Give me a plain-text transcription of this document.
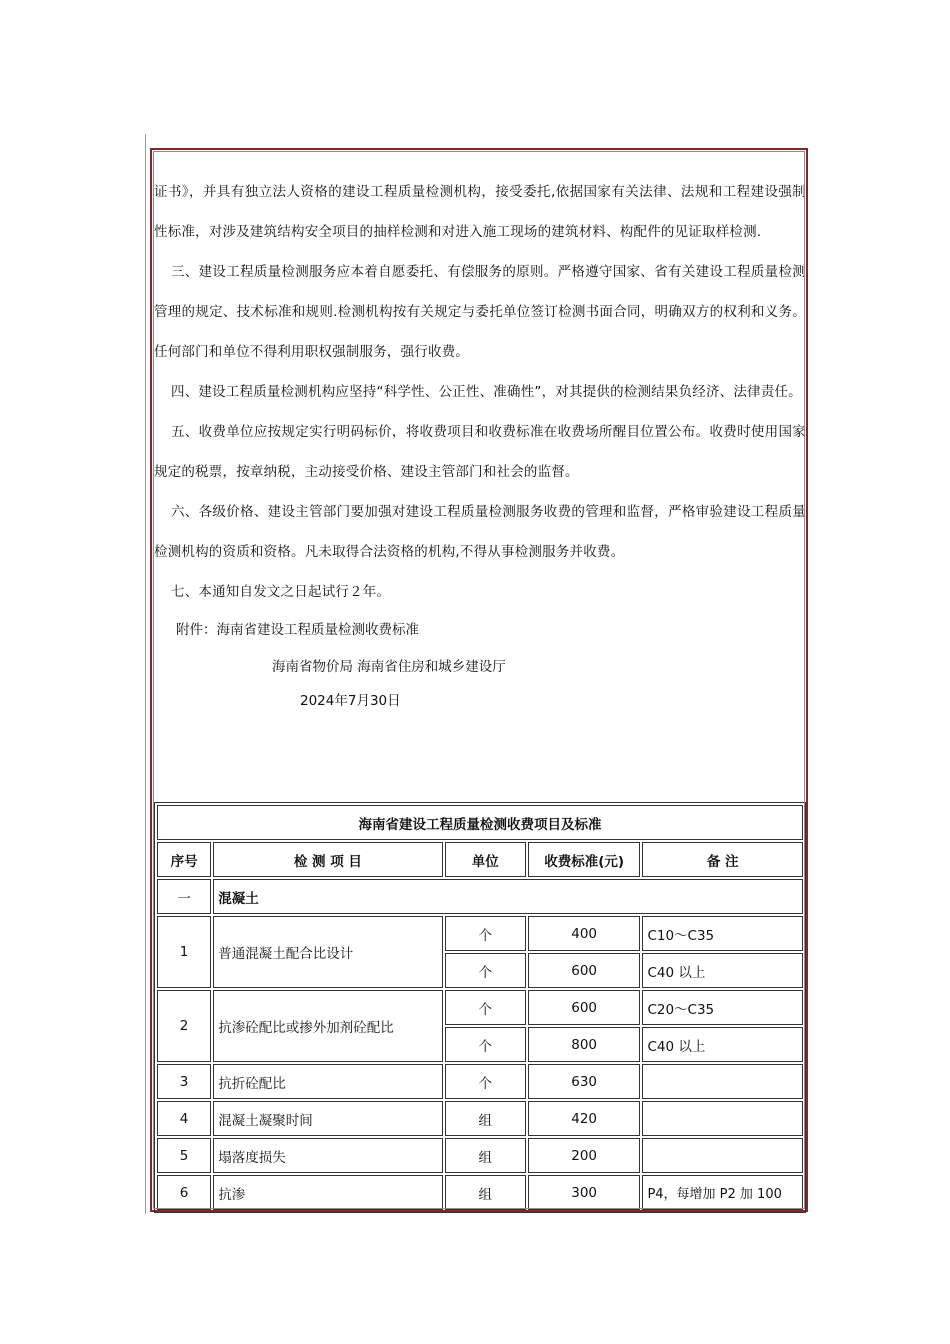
证书》，并具有独立法人资格的建设工程质量检测机构，接受委托,依据国家有关法律、法规和工程建设强制性标准，对涉及建筑结构安全项目的抽样检测和对进入施工现场的建筑材料、构配件的见证取样检测.

三、建设工程质量检测服务应本着自愿委托、有偿服务的原则。严格遵守国家、省有关建设工程质量检测管理的规定、技术标准和规则.检测机构按有关规定与委托单位签订检测书面合同，明确双方的权利和义务。任何部门和单位不得利用职权强制服务，强行收费。

四、建设工程质量检测机构应坚持“科学性、公正性、准确性”，对其提供的检测结果负经济、法律责任。

五、收费单位应按规定实行明码标价，将收费项目和收费标准在收费场所醒目位置公布。收费时使用国家规定的税票，按章纳税，主动接受价格、建设主管部门和社会的监督。

六、各级价格、建设主管部门要加强对建设工程质量检测服务收费的管理和监督，严格审验建设工程质量检测机构的资质和资格。凡未取得合法资格的机构,不得从事检测服务并收费。

七、本通知自发文之日起试行２年。

附件：海南省建设工程质量检测收费标准

海南省物价局 海南省住房和城乡建设厅

2024年7月30日

海南省建设工程质量检测收费项目及标准				
序号	检 测 项 目	单位	收费标准(元)	备 注
一	混凝土			
1	普通混凝土配合比设计	个	400	C10～C35
		个	600	C40 以上
2	抗渗砼配比或掺外加剂砼配比	个	600	C20～C35
		个	800	C40 以上
3	抗折砼配比	个	630	
4	混凝土凝聚时间	组	420	
5	塌落度损失	组	200	
6	抗渗	组	300	P4，每增加 P2 加 100
